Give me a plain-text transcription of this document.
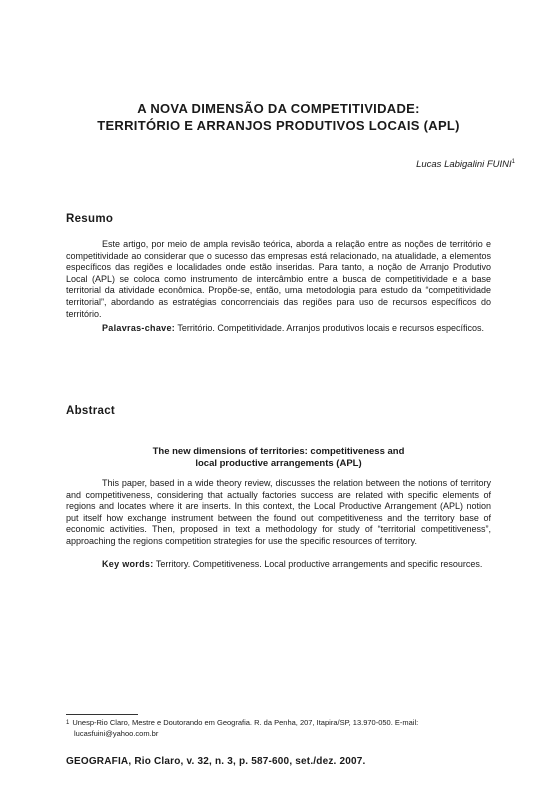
A NOVA DIMENSÃO DA COMPETITIVIDADE:
TERRITÓRIO E ARRANJOS PRODUTIVOS LOCAIS (APL)
Lucas Labigalini FUINI$^1$
Resumo

Este artigo, por meio de ampla revisão teórica, aborda a relação entre as noções de território e competitividade ao considerar que o sucesso das empresas está relacionado, na atualidade, a elementos específicos das regiões e localidades onde estão inseridas. Para tanto, a noção de Arranjo Produtivo Local (APL) se coloca como instrumento de intercâmbio entre a busca de competitividade e a base territorial da atividade econômica. Propõe-se, então, uma metodologia para estudo da “competitividade territorial”, abordando as estratégias concorrenciais das regiões para uso de recursos específicos do território.

Palavras-chave: Território. Competitividade. Arranjos produtivos locais e recursos específicos.

Abstract
The new dimensions of territories: competitiveness and
local productive arrangements (APL)

This paper, based in a wide theory review, discusses the relation between the notions of territory and competitiveness, considering that actually factories success are related with specific elements of regions and locates where it are inserts. In this context, the Local Productive Arrangement (APL) notion put itself how exchange instrument between the found out competitiveness and the territory base of economic activities. Then, proposed in text a methodology for study of “territorial competitiveness”, approaching the regions competition strategies for use the specific resources of territory.

Key words: Territory. Competitiveness. Local productive arrangements and specific resources.

$^1$ Unesp-Rio Claro, Mestre e Doutorando em Geografia. R. da Penha, 207, Itapira/SP, 13.970-050. E-mail:
lucasfuini@yahoo.com.br
GEOGRAFIA, Rio Claro, v. 32, n. 3, p. 587-600, set./dez. 2007.
